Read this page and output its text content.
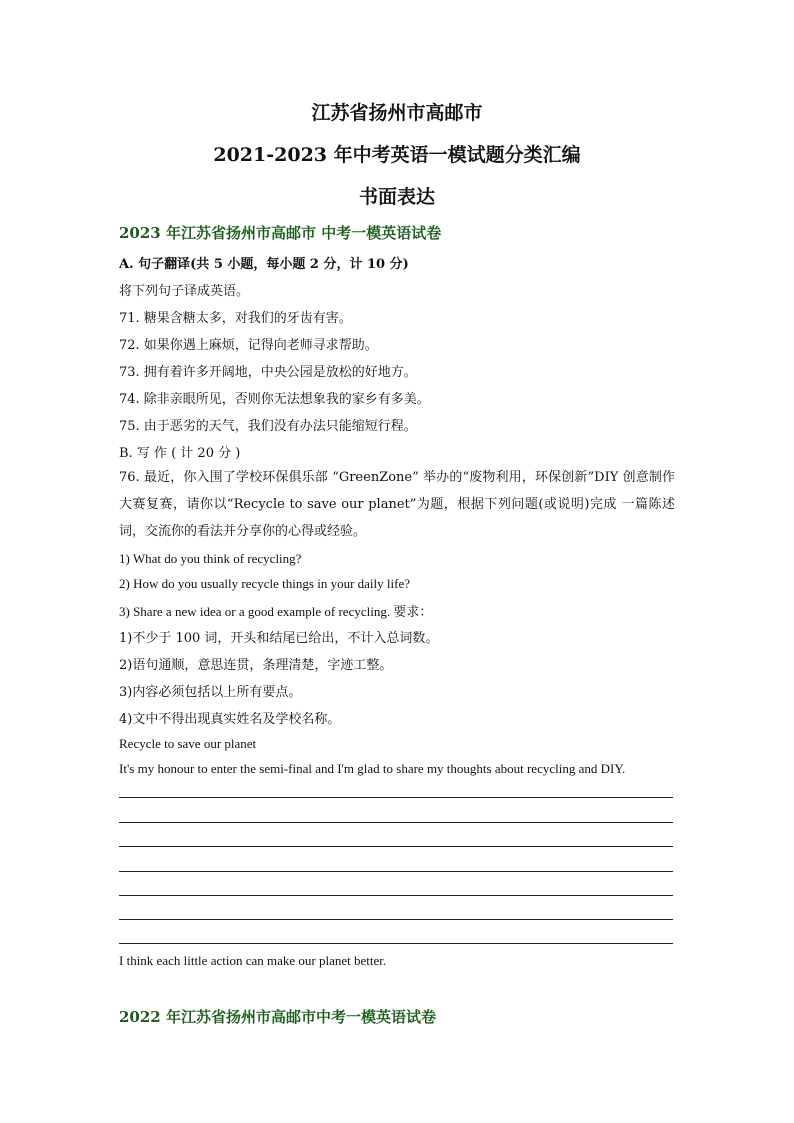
江苏省扬州市高邮市
2021-2023 年中考英语一模试题分类汇编
书面表达
2023 年江苏省扬州市高邮市 中考一模英语试卷
A. 句子翻译(共 5 小题，每小题 2 分，计 10 分)
将下列句子译成英语。
71. 糖果含糖太多，对我们的牙齿有害。
72. 如果你遇上麻烦，记得向老师寻求帮助。
73. 拥有着许多开阔地，中央公园是放松的好地方。
74. 除非亲眼所见，否则你无法想象我的家乡有多美。
75. 由于恶劣的天气，我们没有办法只能缩短行程。
B. 写 作 ( 计 20 分 )
76. 最近，你入围了学校环保俱乐部 “GreenZone” 举办的“废物利用，环保创新”DIY 创意制作大赛复赛，请你以“Recycle to save our planet”为题，根据下列问题(或说明)完成 一篇陈述词，交流你的看法并分享你的心得或经验。
1) What do you think of recycling?
2) How do you usually recycle things in your daily life?
3) Share a new idea or a good example of recycling. 要求：
1)不少于 100 词，开头和结尾已给出，不计入总词数。
2)语句通顺，意思连贯，条理清楚，字迹工整。
3)内容必须包括以上所有要点。
4)文中不得出现真实姓名及学校名称。
Recycle to save our planet
It's my honour to enter the semi-final and I'm glad to share my thoughts about recycling and DIY.
I think each little action can make our planet better.
2022 年江苏省扬州市高邮市中考一模英语试卷
